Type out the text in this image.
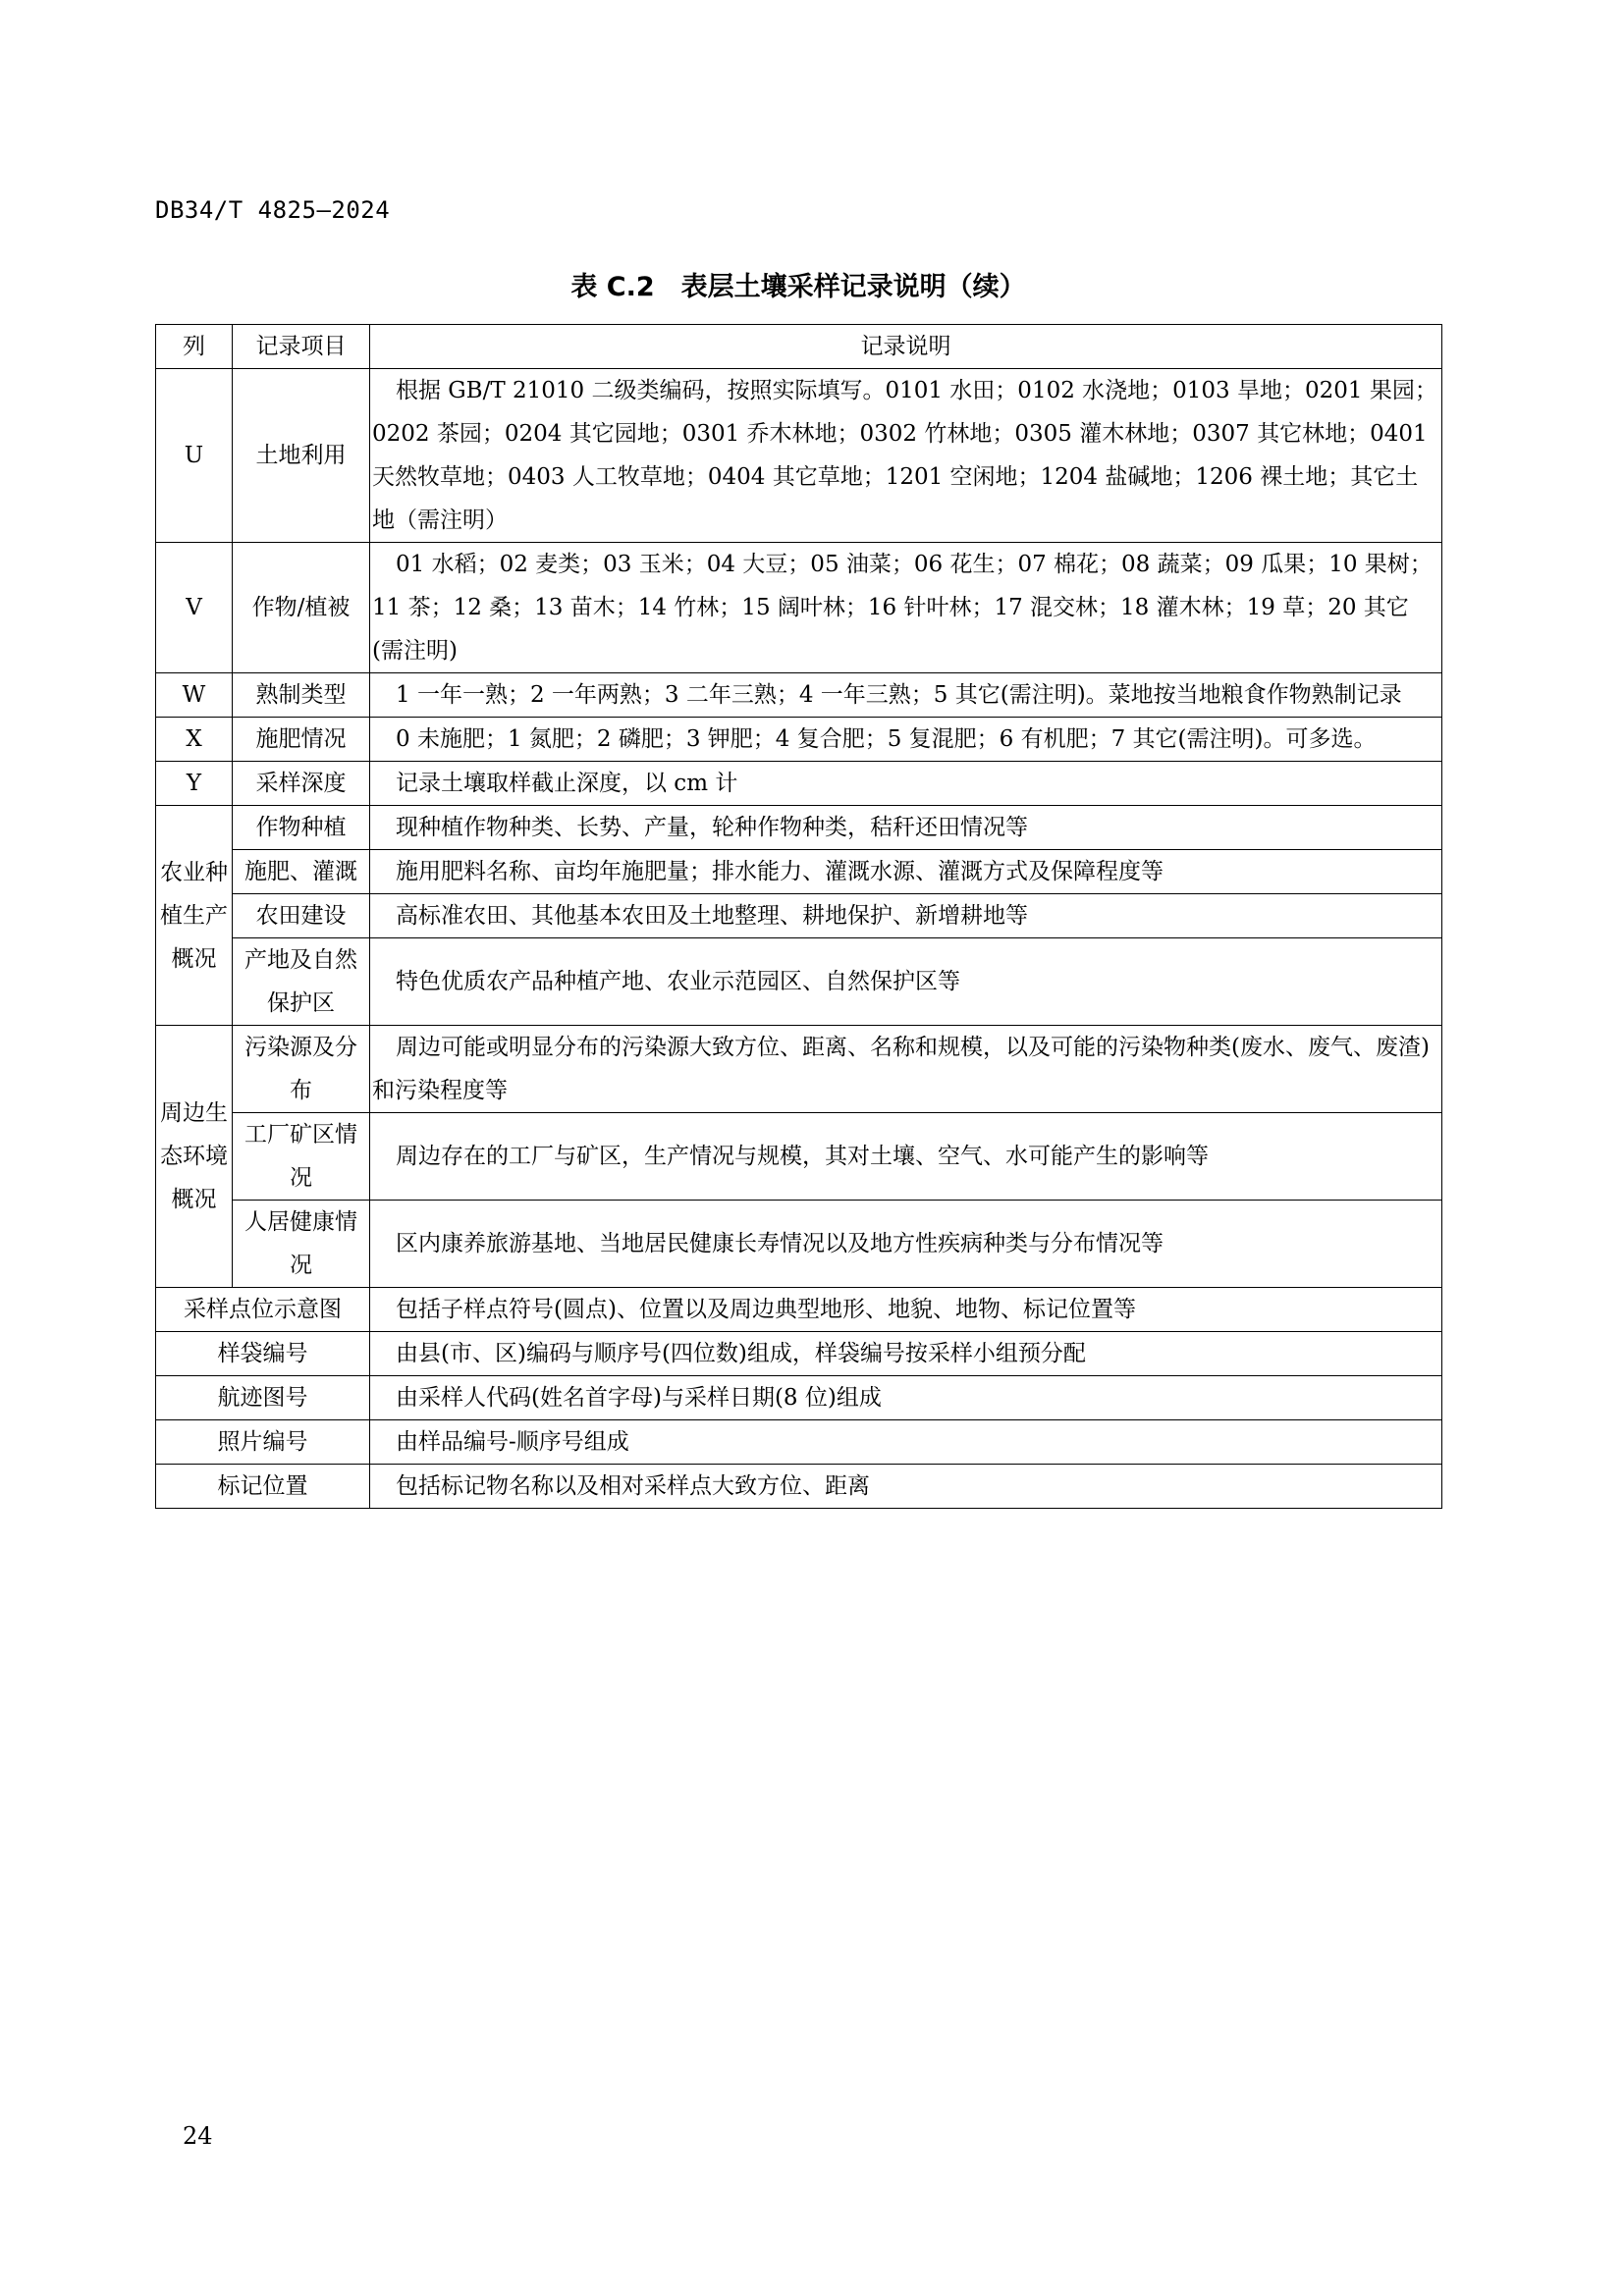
DB34/T 4825—2024
表 C.2　表层土壤采样记录说明（续）
列	记录项目	记录说明
U	土地利用	根据 GB/T 21010 二级类编码，按照实际填写。0101 水田；0102 水浇地；0103 旱地；0201 果园；0202 茶园；0204 其它园地；0301 乔木林地；0302 竹林地；0305 灌木林地；0307 其它林地；0401 天然牧草地；0403 人工牧草地；0404 其它草地；1201 空闲地；1204 盐碱地；1206 裸土地；其它土地（需注明）
V	作物/植被	01 水稻；02 麦类；03 玉米；04 大豆；05 油菜；06 花生；07 棉花；08 蔬菜；09 瓜果；10 果树；11 茶；12 桑；13 苗木；14 竹林；15 阔叶林；16 针叶林；17 混交林；18 灌木林；19 草；20 其它(需注明)
W	熟制类型	1 一年一熟；2 一年两熟；3 二年三熟；4 一年三熟；5 其它(需注明)。菜地按当地粮食作物熟制记录
X	施肥情况	0 未施肥；1 氮肥；2 磷肥；3 钾肥；4 复合肥；5 复混肥；6 有机肥；7 其它(需注明)。可多选。
Y	采样深度	记录土壤取样截止深度，以 cm 计
农业种植生产概况	作物种植	现种植作物种类、长势、产量，轮种作物种类，秸秆还田情况等
	施肥、灌溉	施用肥料名称、亩均年施肥量；排水能力、灌溉水源、灌溉方式及保障程度等
	农田建设	高标准农田、其他基本农田及土地整理、耕地保护、新增耕地等
	产地及自然保护区	特色优质农产品种植产地、农业示范园区、自然保护区等
周边生态环境概况	污染源及分布	周边可能或明显分布的污染源大致方位、距离、名称和规模，以及可能的污染物种类(废水、废气、废渣)和污染程度等
	工厂矿区情况	周边存在的工厂与矿区，生产情况与规模，其对土壤、空气、水可能产生的影响等
	人居健康情况	区内康养旅游基地、当地居民健康长寿情况以及地方性疾病种类与分布情况等
采样点位示意图		包括子样点符号(圆点)、位置以及周边典型地形、地貌、地物、标记位置等
样袋编号		由县(市、区)编码与顺序号(四位数)组成，样袋编号按采样小组预分配
航迹图号		由采样人代码(姓名首字母)与采样日期(8 位)组成
照片编号		由样品编号-顺序号组成
标记位置		包括标记物名称以及相对采样点大致方位、距离
24
